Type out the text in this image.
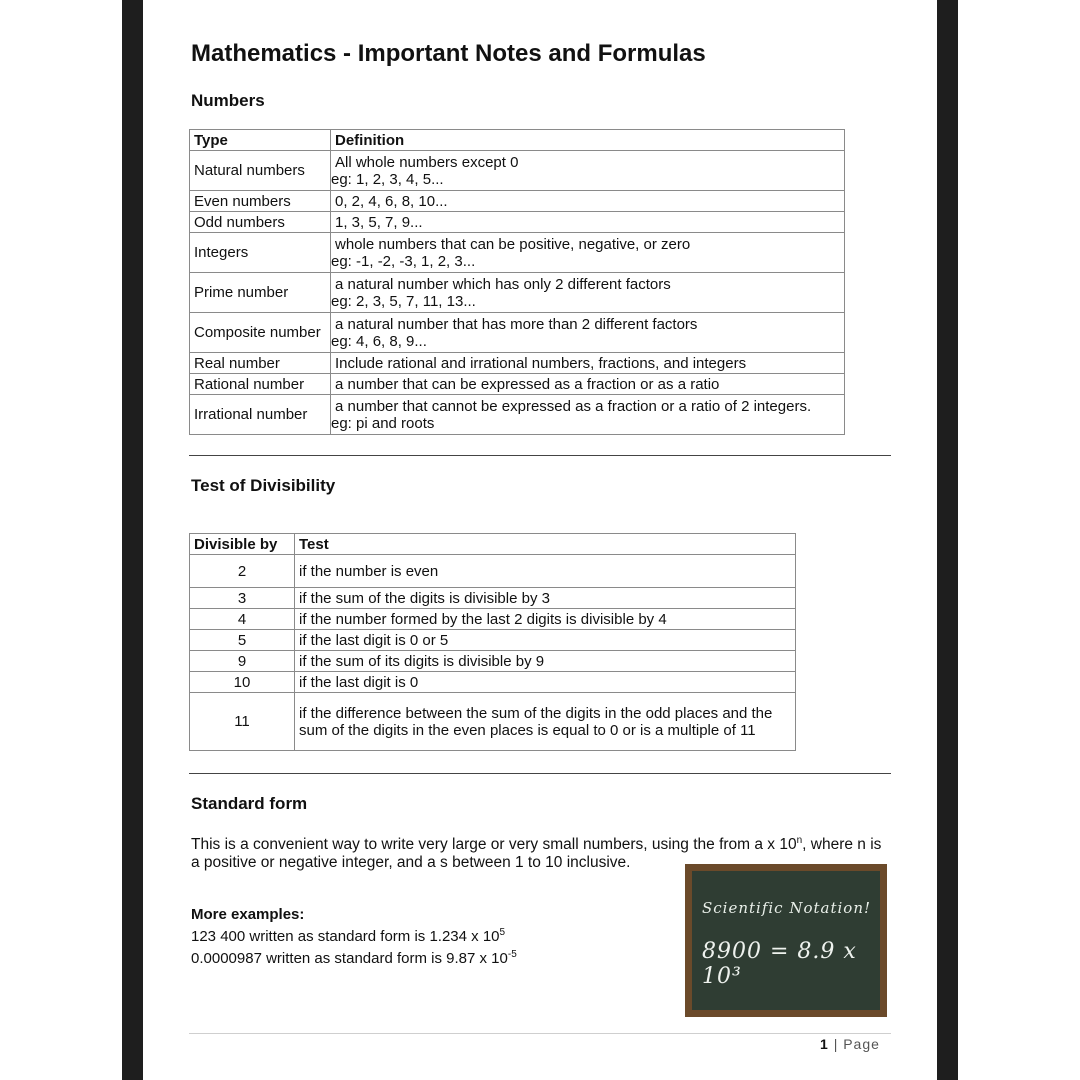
Mathematics - Important Notes and Formulas
Numbers
Type	Definition
Natural numbers	All whole numbers except 0
eg: 1, 2, 3, 4, 5...

Even numbers	0, 2, 4, 6, 8, 10...
Odd numbers	1, 3, 5, 7, 9...
Integers	whole numbers that can be positive, negative, or zero
eg: -1, -2, -3, 1, 2, 3...

Prime number	a natural number which has only 2 different factors
eg: 2, 3, 5, 7, 11, 13...

Composite number	a natural number that has more than 2 different factors
eg: 4, 6, 8, 9...

Real number	Include rational and irrational numbers, fractions, and integers
Rational number	a number that can be expressed as a fraction or as a ratio
Irrational number	a number that cannot be expressed as a fraction or a ratio of 2 integers.
eg: pi and roots
Test of Divisibility
Divisible by	Test
2	if the number is even
3	if the sum of the digits is divisible by 3
4	if the number formed by the last 2 digits is divisible by 4
5	if the last digit is 0 or 5
9	if the sum of its digits is divisible by 9
10	if the last digit is 0
11	if the difference between the sum of the digits in the odd places and the sum of the digits in the even places is equal to 0 or is a multiple of 11
Standard form
This is a convenient way to write very large or very small numbers, using the from a x 10$^n$, where n is a positive or negative integer, and a s between 1 to 10 inclusive.
More examples:
123 400 written as standard form is 1.234 x $10^5$
0.0000987 written as standard form is 9.87 x $10^{-5}$
Scientific Notation!
8900 = 8.9 x 10³
1 | Page
